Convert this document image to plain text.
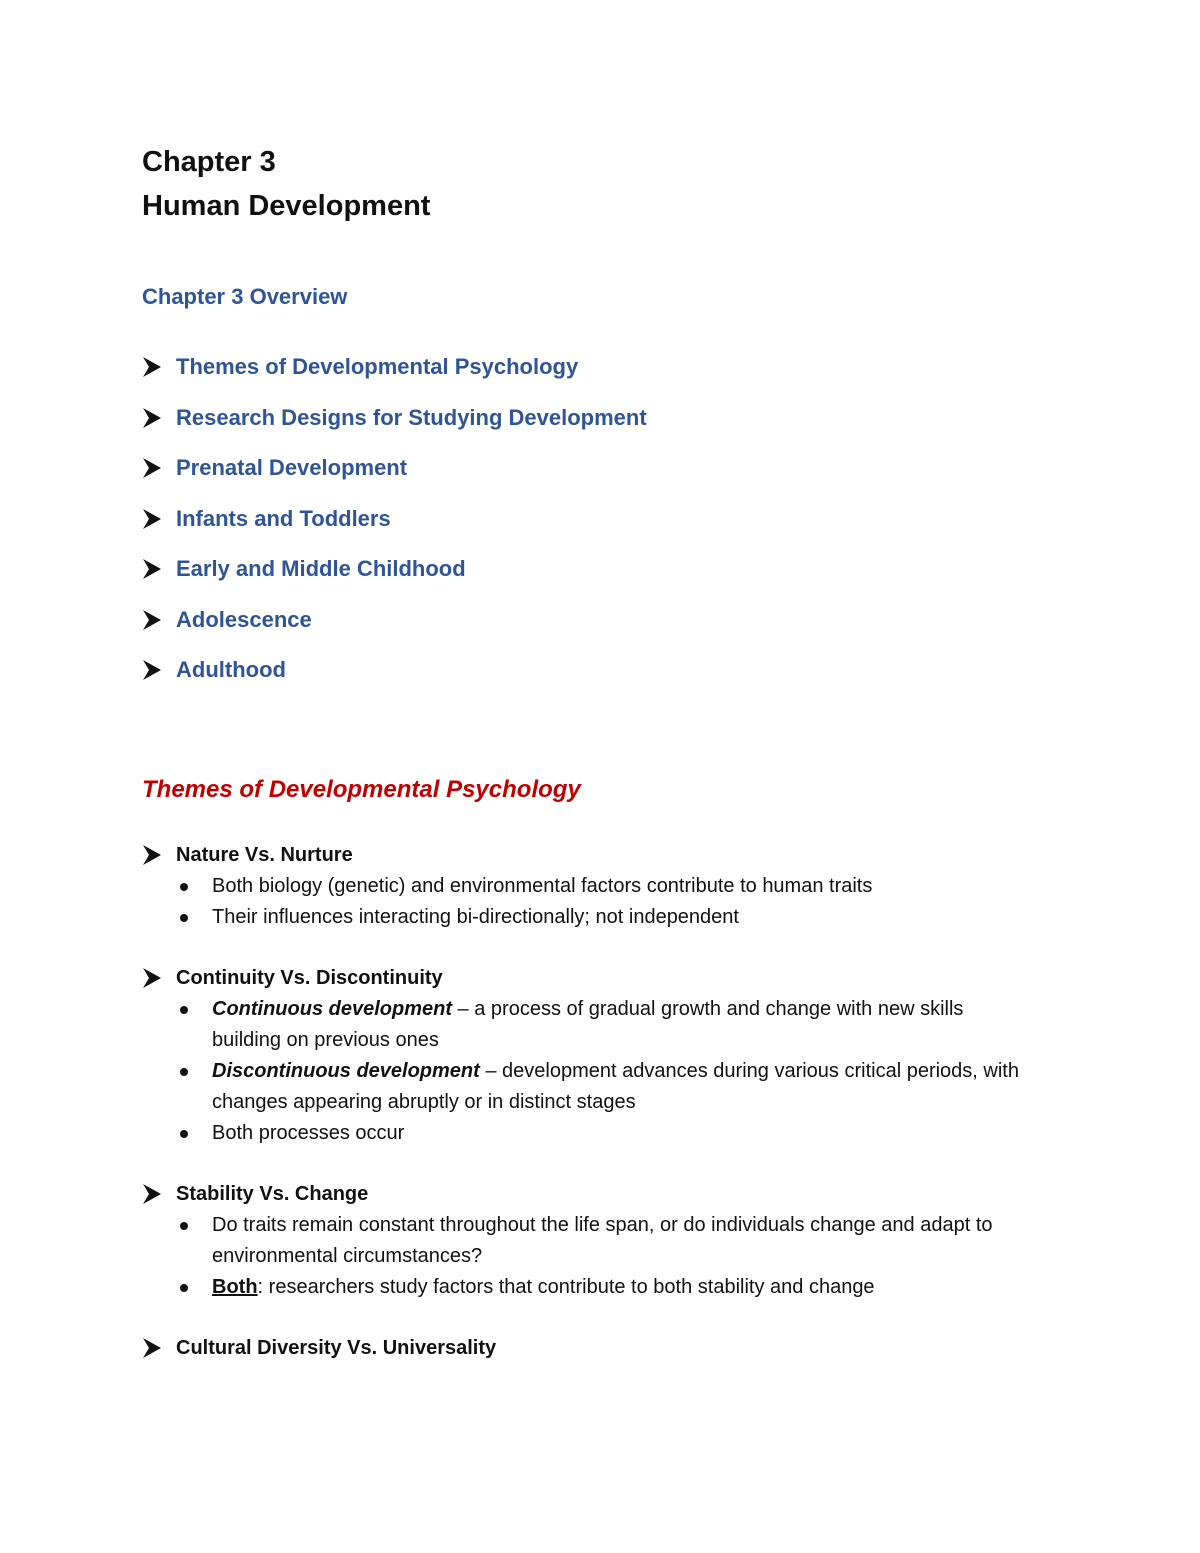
Chapter 3
Human Development
Chapter 3 Overview
Themes of Developmental Psychology
Research Designs for Studying Development
Prenatal Development
Infants and Toddlers
Early and Middle Childhood
Adolescence
Adulthood
Themes of Developmental Psychology
Nature Vs. Nurture
Both biology (genetic) and environmental factors contribute to human traits
Their influences interacting bi-directionally; not independent
Continuity Vs. Discontinuity
Continuous development – a process of gradual growth and change with new skills building on previous ones
Discontinuous development – development advances during various critical periods, with changes appearing abruptly or in distinct stages
Both processes occur
Stability Vs. Change
Do traits remain constant throughout the life span, or do individuals change and adapt to environmental circumstances?
Both: researchers study factors that contribute to both stability and change
Cultural Diversity Vs. Universality
